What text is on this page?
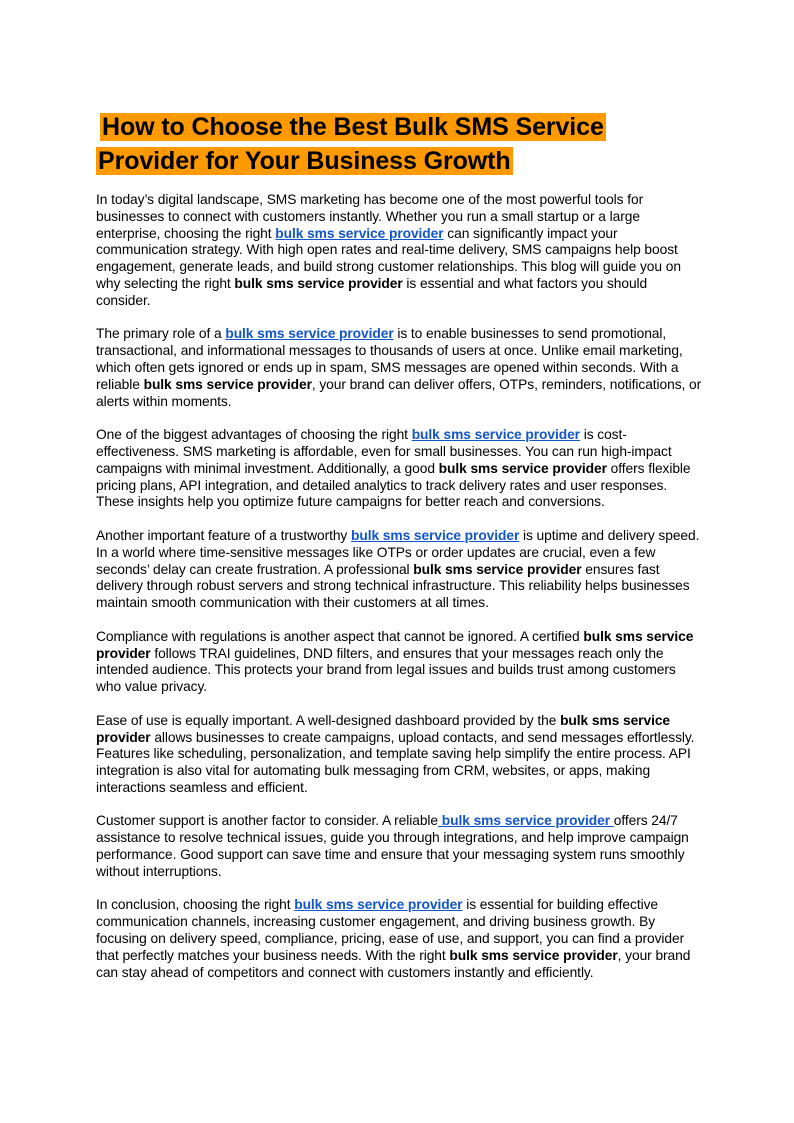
How to Choose the Best Bulk SMS Service Provider for Your Business Growth

In today’s digital landscape, SMS marketing has become one of the most powerful tools for businesses to connect with customers instantly. Whether you run a small startup or a large enterprise, choosing the right bulk sms service provider can significantly impact your communication strategy. With high open rates and real-time delivery, SMS campaigns help boost engagement, generate leads, and build strong customer relationships. This blog will guide you on why selecting the right bulk sms service provider is essential and what factors you should consider.

The primary role of a bulk sms service provider is to enable businesses to send promotional, transactional, and informational messages to thousands of users at once. Unlike email marketing, which often gets ignored or ends up in spam, SMS messages are opened within seconds. With a reliable bulk sms service provider, your brand can deliver offers, OTPs, reminders, notifications, or alerts within moments.

One of the biggest advantages of choosing the right bulk sms service provider is cost-effectiveness. SMS marketing is affordable, even for small businesses. You can run high-impact campaigns with minimal investment. Additionally, a good bulk sms service provider offers flexible pricing plans, API integration, and detailed analytics to track delivery rates and user responses. These insights help you optimize future campaigns for better reach and conversions.

Another important feature of a trustworthy bulk sms service provider is uptime and delivery speed. In a world where time-sensitive messages like OTPs or order updates are crucial, even a few seconds’ delay can create frustration. A professional bulk sms service provider ensures fast delivery through robust servers and strong technical infrastructure. This reliability helps businesses maintain smooth communication with their customers at all times.

Compliance with regulations is another aspect that cannot be ignored. A certified bulk sms service provider follows TRAI guidelines, DND filters, and ensures that your messages reach only the intended audience. This protects your brand from legal issues and builds trust among customers who value privacy.

Ease of use is equally important. A well-designed dashboard provided by the bulk sms service provider allows businesses to create campaigns, upload contacts, and send messages effortlessly. Features like scheduling, personalization, and template saving help simplify the entire process. API integration is also vital for automating bulk messaging from CRM, websites, or apps, making interactions seamless and efficient.

Customer support is another factor to consider. A reliable bulk sms service provider offers 24/7 assistance to resolve technical issues, guide you through integrations, and help improve campaign performance. Good support can save time and ensure that your messaging system runs smoothly without interruptions.

In conclusion, choosing the right bulk sms service provider is essential for building effective communication channels, increasing customer engagement, and driving business growth. By focusing on delivery speed, compliance, pricing, ease of use, and support, you can find a provider that perfectly matches your business needs. With the right bulk sms service provider, your brand can stay ahead of competitors and connect with customers instantly and efficiently.
